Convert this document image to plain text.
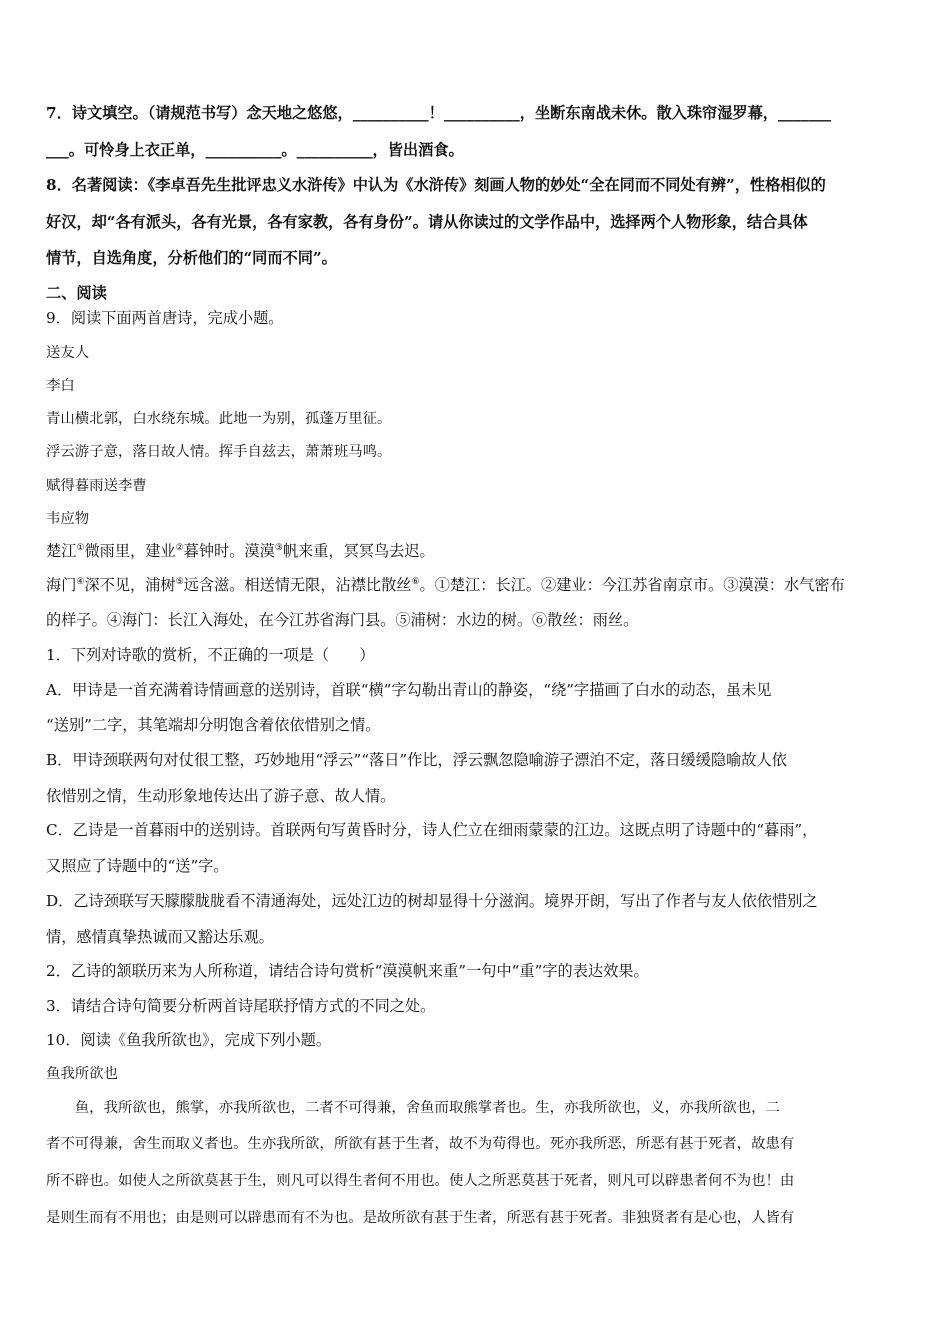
7．诗文填空。（请规范书写）念天地之悠悠，__________！__________，坐断东南战未休。散入珠帘湿罗幕，_______
___。可怜身上衣正单，__________。__________，皆出酒食。
8．名著阅读：《李卓吾先生批评忠义水浒传》中认为《水浒传》刻画人物的妙处“全在同而不同处有辨”，性格相似的
好汉，却“各有派头，各有光景，各有家教，各有身份”。请从你读过的文学作品中，选择两个人物形象，结合具体
情节，自选角度，分析他们的“同而不同”。
二、阅读
9．阅读下面两首唐诗，完成小题。
送友人
李白
青山横北郭，白水绕东城。此地一为别，孤蓬万里征。
浮云游子意，落日故人情。挥手自兹去，萧萧班马鸣。
赋得暮雨送李曹
韦应物
楚江①微雨里，建业②暮钟时。漠漠③帆来重，冥冥鸟去迟。
海门④深不见，浦树⑤远含滋。相送情无限，沾襟比散丝⑥。①楚江：长江。②建业：今江苏省南京市。③漠漠：水气密布
的样子。④海门：长江入海处，在今江苏省海门县。⑤浦树：水边的树。⑥散丝：雨丝。
1．下列对诗歌的赏析，不正确的一项是（　　）
A．甲诗是一首充满着诗情画意的送别诗，首联“横”字勾勒出青山的静姿，“绕”字描画了白水的动态，虽未见
“送别”二字，其笔端却分明饱含着依依惜别之情。
B．甲诗颈联两句对仗很工整，巧妙地用“浮云”“落日”作比，浮云飘忽隐喻游子漂泊不定，落日缓缓隐喻故人依
依惜别之情，生动形象地传达出了游子意、故人情。
C．乙诗是一首暮雨中的送别诗。首联两句写黄昏时分，诗人伫立在细雨蒙蒙的江边。这既点明了诗题中的“暮雨”，
又照应了诗题中的“送”字。
D．乙诗颈联写天朦朦胧胧看不清通海处，远处江边的树却显得十分滋润。境界开朗，写出了作者与友人依依惜别之
情，感情真挚热诚而又豁达乐观。
2．乙诗的颔联历来为人所称道，请结合诗句赏析“漠漠帆来重”一句中“重”字的表达效果。
3．请结合诗句简要分析两首诗尾联抒情方式的不同之处。
10．阅读《鱼我所欲也》，完成下列小题。
鱼我所欲也
　　鱼，我所欲也，熊掌，亦我所欲也，二者不可得兼，舍鱼而取熊掌者也。生，亦我所欲也，义，亦我所欲也，二
者不可得兼，舍生而取义者也。生亦我所欲，所欲有甚于生者，故不为苟得也。死亦我所恶，所恶有甚于死者，故患有
所不辟也。如使人之所欲莫甚于生，则凡可以得生者何不用也。使人之所恶莫甚于死者，则凡可以辟患者何不为也！由
是则生而有不用也；由是则可以辟患而有不为也。是故所欲有甚于生者，所恶有甚于死者。非独贤者有是心也，人皆有
